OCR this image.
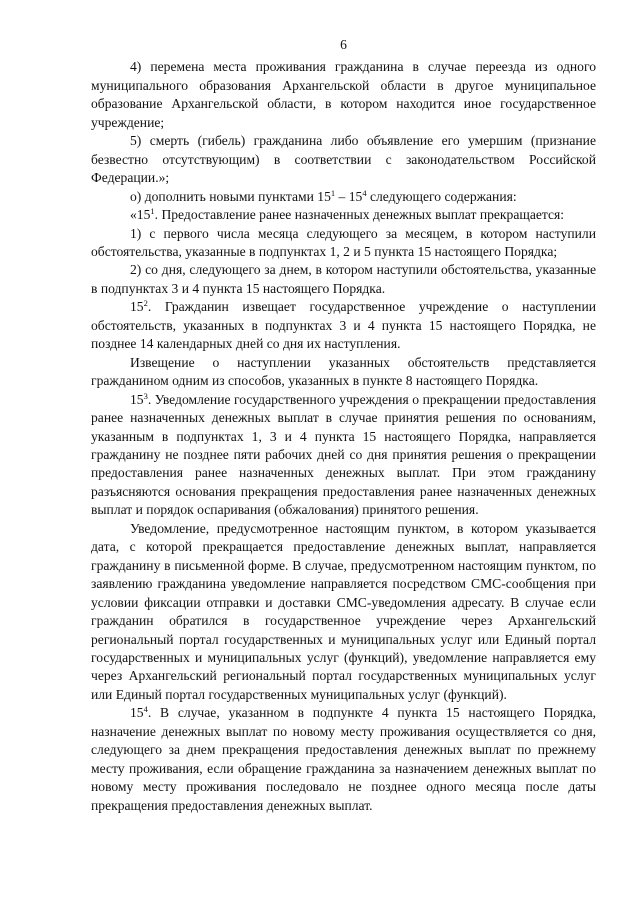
6

4) перемена места проживания гражданина в случае переезда из одного муниципального образования Архангельской области в другое муниципальное образование Архангельской области, в котором находится иное государственное учреждение;

5) смерть (гибель) гражданина либо объявление его умершим (признание безвестно отсутствующим) в соответствии с законодательством Российской Федерации.»;

о) дополнить новыми пунктами $15^1 - 15^4$ следующего содержания:

«$15^1$. Предоставление ранее назначенных денежных выплат прекращается:

1) с первого числа месяца следующего за месяцем, в котором наступили обстоятельства, указанные в подпунктах 1, 2 и 5 пункта 15 настоящего Порядка;

2) со дня, следующего за днем, в котором наступили обстоятельства, указанные в подпунктах 3 и 4 пункта 15 настоящего Порядка.

$15^2$. Гражданин извещает государственное учреждение о наступлении обстоятельств, указанных в подпунктах 3 и 4 пункта 15 настоящего Порядка, не позднее 14 календарных дней со дня их наступления.

Извещение о наступлении указанных обстоятельств представляется гражданином одним из способов, указанных в пункте 8 настоящего Порядка.

$15^3$. Уведомление государственного учреждения о прекращении предоставления ранее назначенных денежных выплат в случае принятия решения по основаниям, указанным в подпунктах 1, 3 и 4 пункта 15 настоящего Порядка, направляется гражданину не позднее пяти рабочих дней со дня принятия решения о прекращении предоставления ранее назначенных денежных выплат. При этом гражданину разъясняются основания прекращения предоставления ранее назначенных денежных выплат и порядок оспаривания (обжалования) принятого решения.

Уведомление, предусмотренное настоящим пунктом, в котором указывается дата, с которой прекращается предоставление денежных выплат, направляется гражданину в письменной форме. В случае, предусмотренном настоящим пунктом, по заявлению гражданина уведомление направляется посредством СМС-сообщения при условии фиксации отправки и доставки СМС-уведомления адресату. В случае если гражданин обратился в государственное учреждение через Архангельский региональный портал государственных и муниципальных услуг или Единый портал государственных и муниципальных услуг (функций), уведомление направляется ему через Архангельский региональный портал государственных муниципальных услуг или Единый портал государственных муниципальных услуг (функций).

$15^4$. В случае, указанном в подпункте 4 пункта 15 настоящего Порядка, назначение денежных выплат по новому месту проживания осуществляется со дня, следующего за днем прекращения предоставления денежных выплат по прежнему месту проживания, если обращение гражданина за назначением денежных выплат по новому месту проживания последовало не позднее одного месяца после даты прекращения предоставления денежных выплат.
